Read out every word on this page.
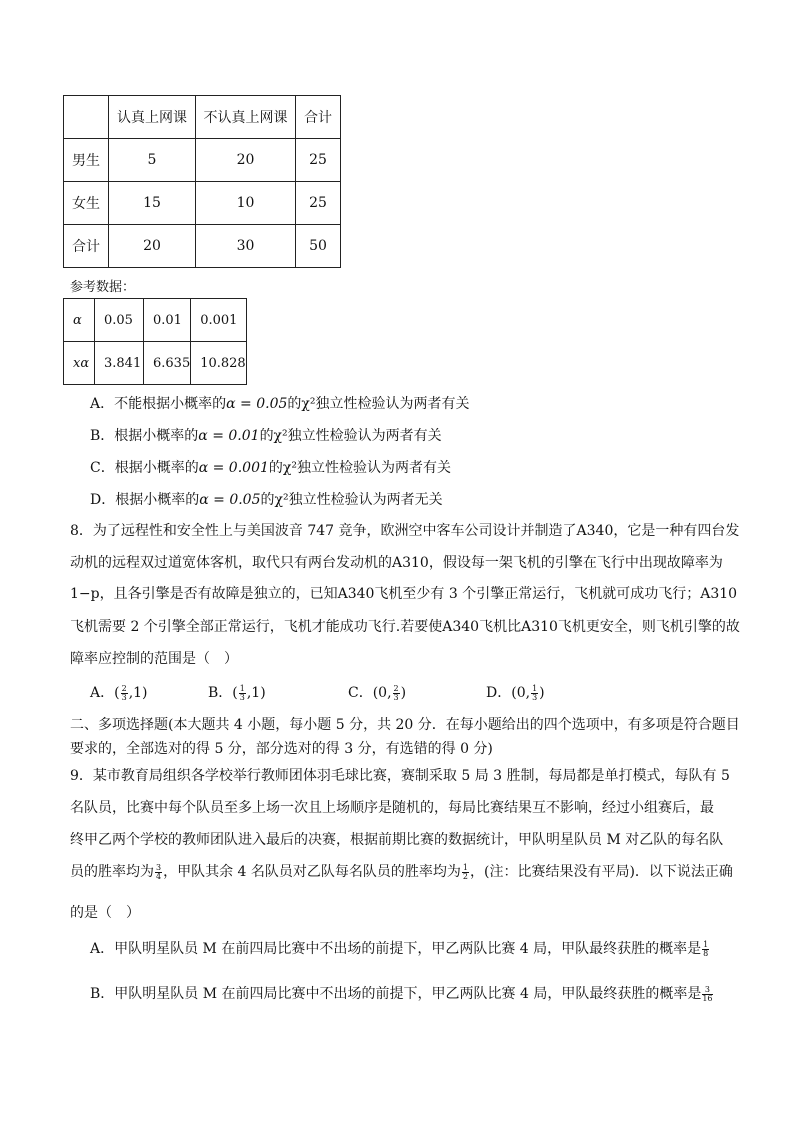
	认真上网课	不认真上网课	合计
男生	5	20	25
女生	15	10	25
合计	20	30	50
参考数据：
α	0.05	0.01	0.001
xα	3.841	6.635	10.828
A．不能根据小概率的α = 0.05的χ²独立性检验认为两者有关
B．根据小概率的α = 0.01的χ²独立性检验认为两者有关
C．根据小概率的α = 0.001的χ²独立性检验认为两者有关
D．根据小概率的α = 0.05的χ²独立性检验认为两者无关
8．为了远程性和安全性上与美国波音 747 竞争，欧洲空中客车公司设计并制造了A340，它是一种有四台发
动机的远程双过道宽体客机，取代只有两台发动机的A310，假设每一架飞机的引擎在飞行中出现故障率为
1−p，且各引擎是否有故障是独立的，已知A340飞机至少有 3 个引擎正常运行，飞机就可成功飞行；A310
飞机需要 2 个引擎全部正常运行，飞机才能成功飞行.若要使A340飞机比A310飞机更安全，则飞机引擎的故
障率应控制的范围是（　）
A．( $\frac{2}{3} ,1$)	B．( $\frac{1}{3} ,1$)	C．(0, $\frac{2}{3}$ )	D．(0, $\frac{1}{3}$ )
二、多项选择题(本大题共 4 小题，每小题 5 分，共 20 分．在每小题给出的四个选项中，有多项是符合题目
要求的，全部选对的得 5 分，部分选对的得 3 分，有选错的得 0 分)
9．某市教育局组织各学校举行教师团体羽毛球比赛，赛制采取 5 局 3 胜制，每局都是单打模式，每队有 5
名队员，比赛中每个队员至多上场一次且上场顺序是随机的，每局比赛结果互不影响，经过小组赛后，最
终甲乙两个学校的教师团队进入最后的决赛，根据前期比赛的数据统计，甲队明星队员 M 对乙队的每名队
员的胜率均为 $\frac{3}{4}$ ，甲队其余 4 名队员对乙队每名队员的胜率均为 $\frac{1}{2}$ ，(注：比赛结果没有平局)．以下说法正确
的是（　）
A．甲队明星队员 M 在前四局比赛中不出场的前提下，甲乙两队比赛 4 局，甲队最终获胜的概率是 $\frac{1}{8}$
B．甲队明星队员 M 在前四局比赛中不出场的前提下，甲乙两队比赛 4 局，甲队最终获胜的概率是 $\frac{3}{16}$
